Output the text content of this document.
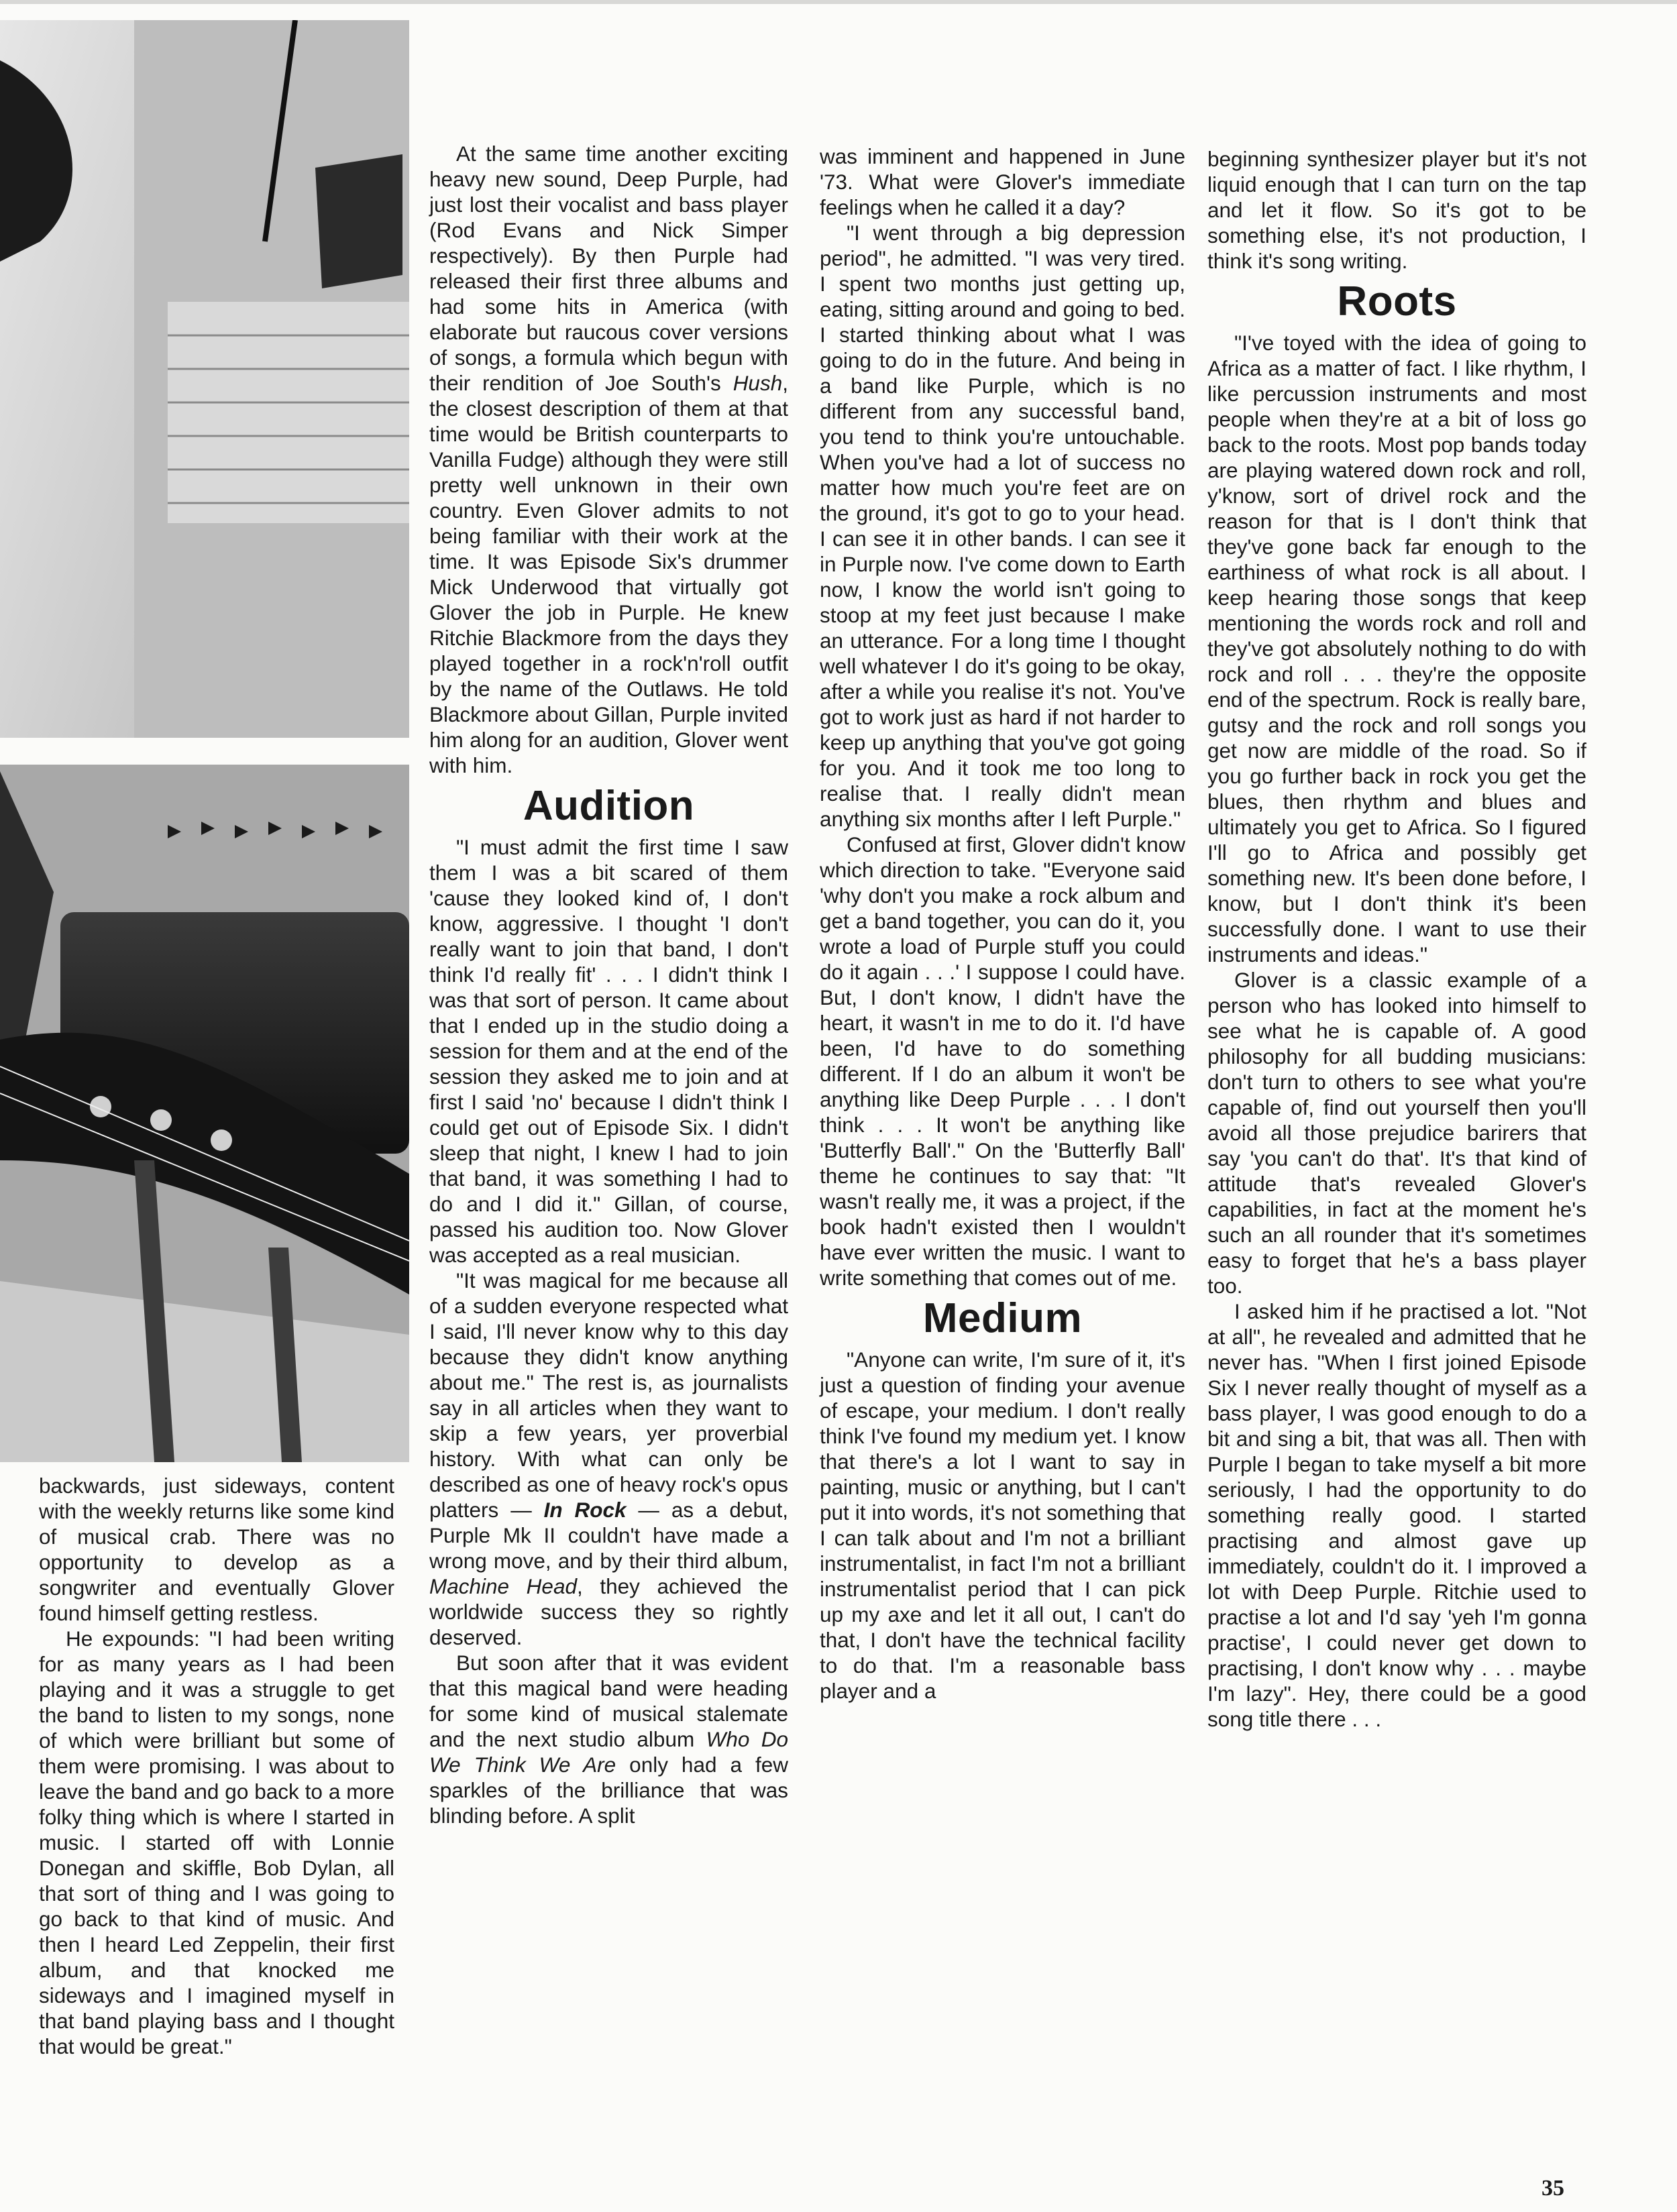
backwards, just sideways, content with the weekly returns like some kind of musical crab. There was no opportunity to develop as a songwriter and eventually Glover found himself getting restless.

He expounds: "I had been writing for as many years as I had been playing and it was a struggle to get the band to listen to my songs, none of which were brilliant but some of them were promising. I was about to leave the band and go back to a more folky thing which is where I started in music. I started off with Lonnie Donegan and skiffle, Bob Dylan, all that sort of thing and I was going to go back to that kind of music. And then I heard Led Zeppelin, their first album, and that knocked me sideways and I imagined myself in that band playing bass and I thought that would be great."

At the same time another exciting heavy new sound, Deep Purple, had just lost their vocalist and bass player (Rod Evans and Nick Simper respectively). By then Purple had released their first three albums and had some hits in America (with elaborate but raucous cover versions of songs, a formula which begun with their rendition of Joe South's Hush, the closest description of them at that time would be British counterparts to Vanilla Fudge) although they were still pretty well unknown in their own country. Even Glover admits to not being familiar with their work at the time. It was Episode Six's drummer Mick Underwood that virtually got Glover the job in Purple. He knew Ritchie Blackmore from the days they played together in a rock'n'roll outfit by the name of the Outlaws. He told Blackmore about Gillan, Purple invited him along for an audition, Glover went with him.

Audition

"I must admit the first time I saw them I was a bit scared of them 'cause they looked kind of, I don't know, aggressive. I thought 'I don't really want to join that band, I don't think I'd really fit' . . . I didn't think I was that sort of person. It came about that I ended up in the studio doing a session for them and at the end of the session they asked me to join and at first I said 'no' because I didn't think I could get out of Episode Six. I didn't sleep that night, I knew I had to join that band, it was something I had to do and I did it." Gillan, of course, passed his audition too. Now Glover was accepted as a real musician.

"It was magical for me because all of a sudden everyone respected what I said, I'll never know why to this day because they didn't know anything about me." The rest is, as journalists say in all articles when they want to skip a few years, yer proverbial history. With what can only be described as one of heavy rock's opus platters — In Rock — as a debut, Purple Mk II couldn't have made a wrong move, and by their third album, Machine Head, they achieved the worldwide success they so rightly deserved.

But soon after that it was evident that this magical band were heading for some kind of musical stalemate and the next studio album Who Do We Think We Are only had a few sparkles of the brilliance that was blinding before. A split

was imminent and happened in June '73. What were Glover's immediate feelings when he called it a day?

"I went through a big depression period", he admitted. "I was very tired. I spent two months just getting up, eating, sitting around and going to bed. I started thinking about what I was going to do in the future. And being in a band like Purple, which is no different from any successful band, you tend to think you're untouchable. When you've had a lot of success no matter how much you're feet are on the ground, it's got to go to your head. I can see it in other bands. I can see it in Purple now. I've come down to Earth now, I know the world isn't going to stoop at my feet just because I make an utterance. For a long time I thought well whatever I do it's going to be okay, after a while you realise it's not. You've got to work just as hard if not harder to keep up anything that you've got going for you. And it took me too long to realise that. I really didn't mean anything six months after I left Purple."

Confused at first, Glover didn't know which direction to take. "Everyone said 'why don't you make a rock album and get a band together, you can do it, you wrote a load of Purple stuff you could do it again . . .' I suppose I could have. But, I don't know, I didn't have the heart, it wasn't in me to do it. I'd have been, I'd have to do something different. If I do an album it won't be anything like Deep Purple . . . I don't think . . . It won't be anything like 'Butterfly Ball'." On the 'Butterfly Ball' theme he continues to say that: "It wasn't really me, it was a project, if the book hadn't existed then I wouldn't have ever written the music. I want to write something that comes out of me.

Medium

"Anyone can write, I'm sure of it, it's just a question of finding your avenue of escape, your medium. I don't really think I've found my medium yet. I know that there's a lot I want to say in painting, music or anything, but I can't put it into words, it's not something that I can talk about and I'm not a brilliant instrumentalist, in fact I'm not a brilliant instrumentalist period that I can pick up my axe and let it all out, I can't do that, I don't have the technical facility to do that. I'm a reasonable bass player and a

beginning synthesizer player but it's not liquid enough that I can turn on the tap and let it flow. So it's got to be something else, it's not production, I think it's song writing.

Roots

"I've toyed with the idea of going to Africa as a matter of fact. I like rhythm, I like percussion instruments and most people when they're at a bit of loss go back to the roots. Most pop bands today are playing watered down rock and roll, y'know, sort of drivel rock and the reason for that is I don't think that they've gone back far enough to the earthiness of what rock is all about. I keep hearing those songs that keep mentioning the words rock and roll and they've got absolutely nothing to do with rock and roll . . . they're the opposite end of the spectrum. Rock is really bare, gutsy and the rock and roll songs you get now are middle of the road. So if you go further back in rock you get the blues, then rhythm and blues and ultimately you get to Africa. So I figured I'll go to Africa and possibly get something new. It's been done before, I know, but I don't think it's been successfully done. I want to use their instruments and ideas."

Glover is a classic example of a person who has looked into himself to see what he is capable of. A good philosophy for all budding musicians: don't turn to others to see what you're capable of, find out yourself then you'll avoid all those prejudice barirers that say 'you can't do that'. It's that kind of attitude that's revealed Glover's capabilities, in fact at the moment he's such an all rounder that it's sometimes easy to forget that he's a bass player too.

I asked him if he practised a lot. "Not at all", he revealed and admitted that he never has. "When I first joined Episode Six I never really thought of myself as a bass player, I was good enough to do a bit and sing a bit, that was all. Then with Purple I began to take myself a bit more seriously, I had the opportunity to do something really good. I started practising and almost gave up immediately, couldn't do it. I improved a lot with Deep Purple. Ritchie used to practise a lot and I'd say 'yeh I'm gonna practise', I could never get down to practising, I don't know why . . . maybe I'm lazy". Hey, there could be a good song title there . . .

35
